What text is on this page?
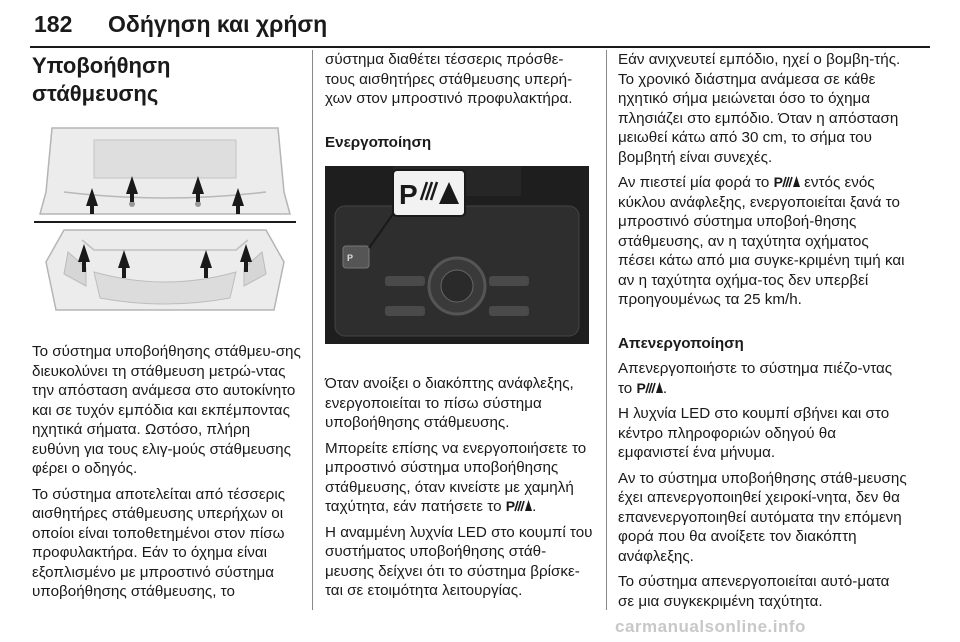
182 Οδήγηση και χρήση
Υποβοήθηση στάθμευσης

Το σύστημα υποβοήθησης στάθμευ-σης διευκολύνει τη στάθμευση μετρώ-ντας την απόσταση ανάμεσα στο αυτοκίνητο και σε τυχόν εμπόδια και εκπέμποντας ηχητικά σήματα. Ωστόσο, πλήρη ευθύνη για τους ελιγ-μούς στάθμευσης φέρει ο οδηγός.

Το σύστημα αποτελείται από τέσσερις αισθητήρες στάθμευσης υπερήχων οι οποίοι είναι τοποθετημένοι στον πίσω προφυλακτήρα. Εάν το όχημα είναι εξοπλισμένο με μπροστινό σύστημα υποβοήθησης στάθμευσης, το

σύστημα διαθέτει τέσσερις πρόσθε-τους αισθητήρες στάθμευσης υπερή-χων στον μπροστινό προφυλακτήρα.

Ενεργοποίηση
P
P

Όταν ανοίξει ο διακόπτης ανάφλεξης, ενεργοποιείται το πίσω σύστημα υποβοήθησης στάθμευσης.

Μπορείτε επίσης να ενεργοποιήσετε το μπροστινό σύστημα υποβοήθησης στάθμευσης, όταν κινείστε με χαμηλή ταχύτητα, εάν πατήσετε το P .

Η αναμμένη λυχνία LED στο κουμπί του συστήματος υποβοήθησης στάθ-μευσης δείχνει ότι το σύστημα βρίσκε-ται σε ετοιμότητα λειτουργίας.

Εάν ανιχνευτεί εμπόδιο, ηχεί ο βομβη-τής. Το χρονικό διάστημα ανάμεσα σε κάθε ηχητικό σήμα μειώνεται όσο το όχημα πλησιάζει στο εμπόδιο. Όταν η απόσταση μειωθεί κάτω από 30 cm, το σήμα του βομβητή είναι συνεχές.

Αν πιεστεί μία φορά το P εντός ενός κύκλου ανάφλεξης, ενεργοποιείται ξανά το μπροστινό σύστημα υποβοή-θησης στάθμευσης, αν η ταχύτητα οχήματος πέσει κάτω από μια συγκε-κριμένη τιμή και αν η ταχύτητα οχήμα-τος δεν υπερβεί προηγουμένως τα 25 km/h.

Απενεργοποίηση

Απενεργοποιήστε το σύστημα πιέζο-ντας το P .

Η λυχνία LED στο κουμπί σβήνει και στο κέντρο πληροφοριών οδηγού θα εμφανιστεί ένα μήνυμα.

Αν το σύστημα υποβοήθησης στάθ-μευσης έχει απενεργοποιηθεί χειροκί-νητα, δεν θα επανενεργοποιηθεί αυτόματα την επόμενη φορά που θα ανοίξετε τον διακόπτη ανάφλεξης.

Το σύστημα απενεργοποιείται αυτό-ματα σε μια συγκεκριμένη ταχύτητα.

carmanualsonline.info
